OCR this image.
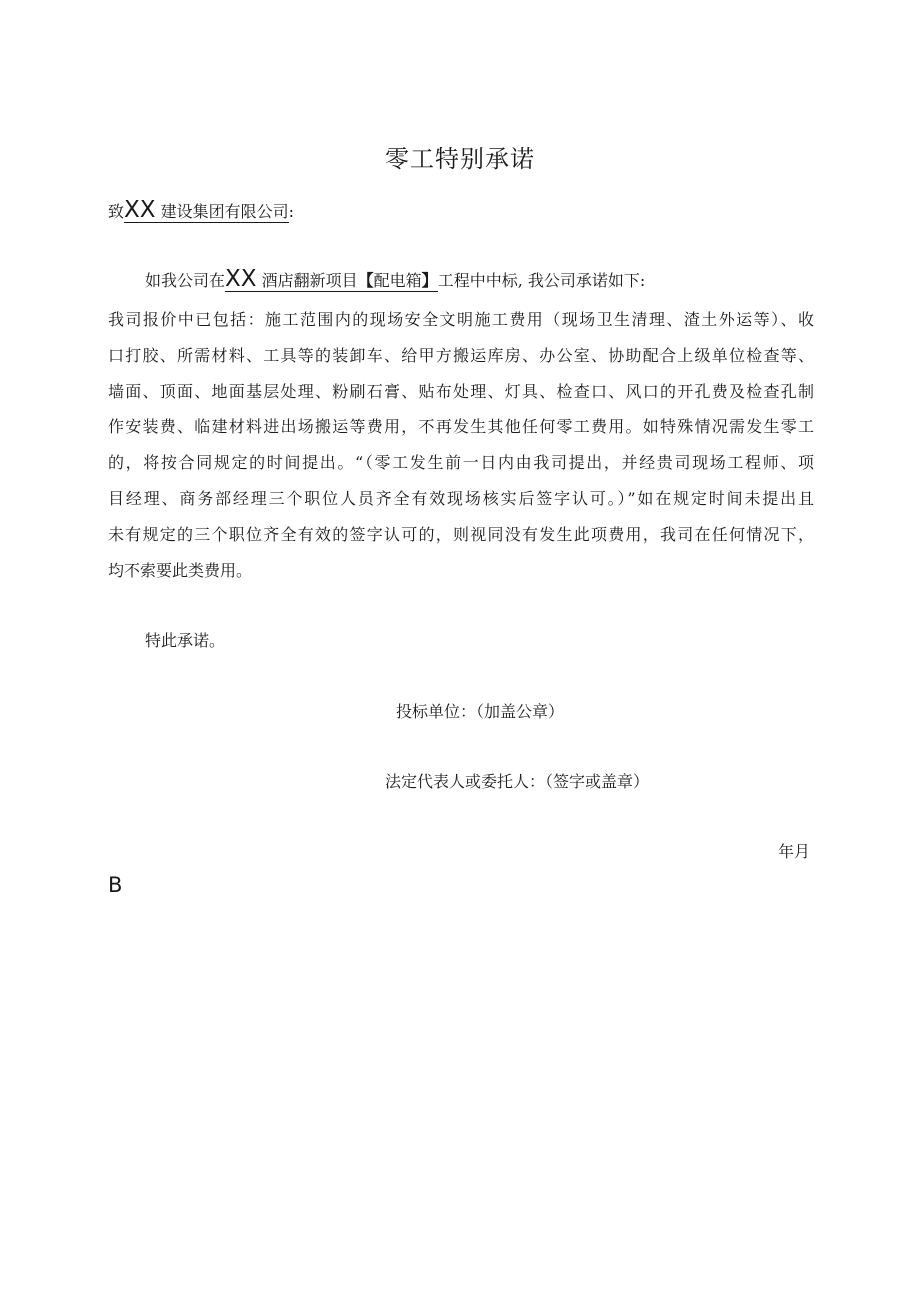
零工特别承诺
致XX 建设集团有限公司:
如我公司在XX 酒店翻新项目【配电箱】工程中中标, 我公司承诺如下:
我司报价中已包括：施工范围内的现场安全文明施工费用（现场卫生清理、渣土外运等）、收
口打胶、所需材料、工具等的装卸车、给甲方搬运库房、办公室、协助配合上级单位检查等、
墙面、顶面、地面基层处理、粉刷石膏、贴布处理、灯具、检查口、风口的开孔费及检查孔制
作安装费、临建材料进出场搬运等费用，不再发生其他任何零工费用。如特殊情况需发生零工
的，将按合同规定的时间提出。“（零工发生前一日内由我司提出，并经贵司现场工程师、项
目经理、商务部经理三个职位人员齐全有效现场核实后签字认可。）”如在规定时间未提出且
未有规定的三个职位齐全有效的签字认可的，则视同没有发生此项费用，我司在任何情况下，
均不索要此类费用。
特此承诺。
投标单位：（加盖公章）
法定代表人或委托人：（签字或盖章）
年月
B
